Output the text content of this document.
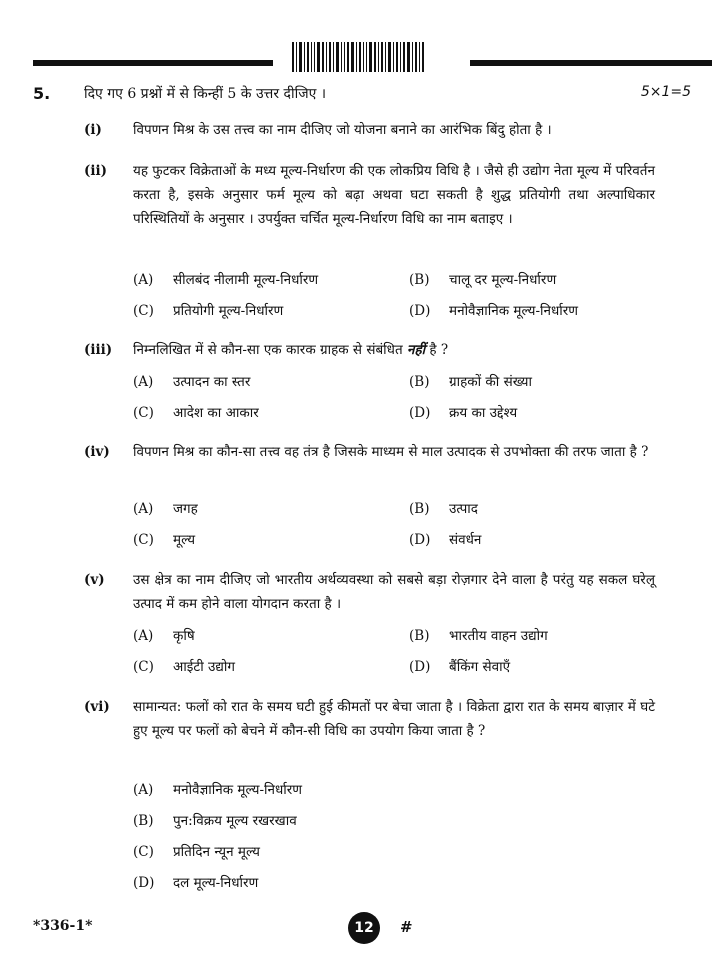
5. दिए गए 6 प्रश्नों में से किन्हीं 5 के उत्तर दीजिए ।	5×1=5
(i) विपणन मिश्र के उस तत्त्व का नाम दीजिए जो योजना बनाने का आरंभिक बिंदु होता है ।
(ii) यह फुटकर विक्रेताओं के मध्य मूल्य-निर्धारण की एक लोकप्रिय विधि है । जैसे ही उद्योग नेता मूल्य में परिवर्तन करता है, इसके अनुसार फर्म मूल्य को बढ़ा अथवा घटा सकती है शुद्ध प्रतियोगी तथा अल्पाधिकार परिस्थितियों के अनुसार । उपर्युक्त चर्चित मूल्य-निर्धारण विधि का नाम बताइए ।
(A) सीलबंद नीलामी मूल्य-निर्धारण	(B) चालू दर मूल्य-निर्धारण
(C) प्रतियोगी मूल्य-निर्धारण	(D) मनोवैज्ञानिक मूल्य-निर्धारण
(iii) निम्नलिखित में से कौन-सा एक कारक ग्राहक से संबंधित नहीं है ?
(A) उत्पादन का स्तर	(B) ग्राहकों की संख्या
(C) आदेश का आकार	(D) क्रय का उद्देश्य
(iv) विपणन मिश्र का कौन-सा तत्त्व वह तंत्र है जिसके माध्यम से माल उत्पादक से उपभोक्ता की तरफ जाता है ?
(A) जगह	(B) उत्पाद
(C) मूल्य	(D) संवर्धन
(v) उस क्षेत्र का नाम दीजिए जो भारतीय अर्थव्यवस्था को सबसे बड़ा रोज़गार देने वाला है परंतु यह सकल घरेलू उत्पाद में कम होने वाला योगदान करता है ।
(A) कृषि	(B) भारतीय वाहन उद्योग
(C) आईटी उद्योग	(D) बैंकिंग सेवाएँ
(vi) सामान्यत: फलों को रात के समय घटी हुई कीमतों पर बेचा जाता है । विक्रेता द्वारा रात के समय बाज़ार में घटे हुए मूल्य पर फलों को बेचने में कौन-सी विधि का उपयोग किया जाता है ?
(A) मनोवैज्ञानिक मूल्य-निर्धारण
(B) पुन:विक्रय मूल्य रखरखाव
(C) प्रतिदिन न्यून मूल्य
(D) दल मूल्य-निर्धारण
*336-1*	12	#
